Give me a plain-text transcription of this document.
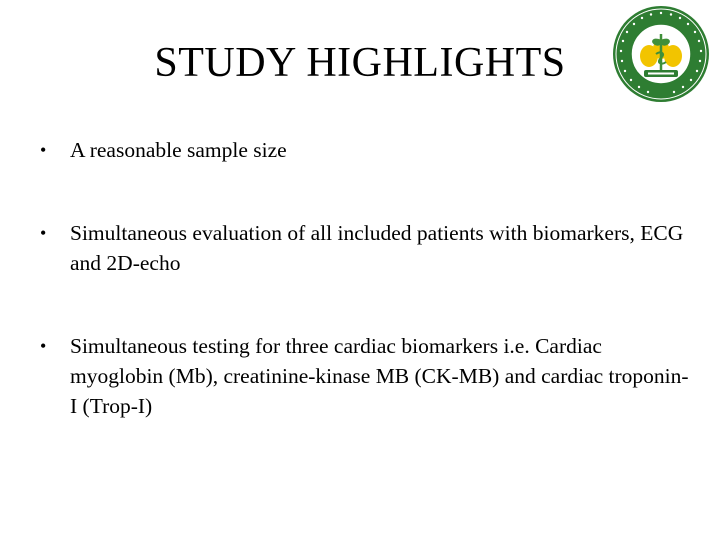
STUDY HIGHLIGHTS
•	A reasonable sample size
•	Simultaneous evaluation of all included patients with biomarkers, ECG and 2D-echo
•	Simultaneous testing for three cardiac biomarkers i.e. Cardiac myoglobin (Mb), creatinine-kinase MB (CK-MB) and cardiac troponin-I (Trop-I)
